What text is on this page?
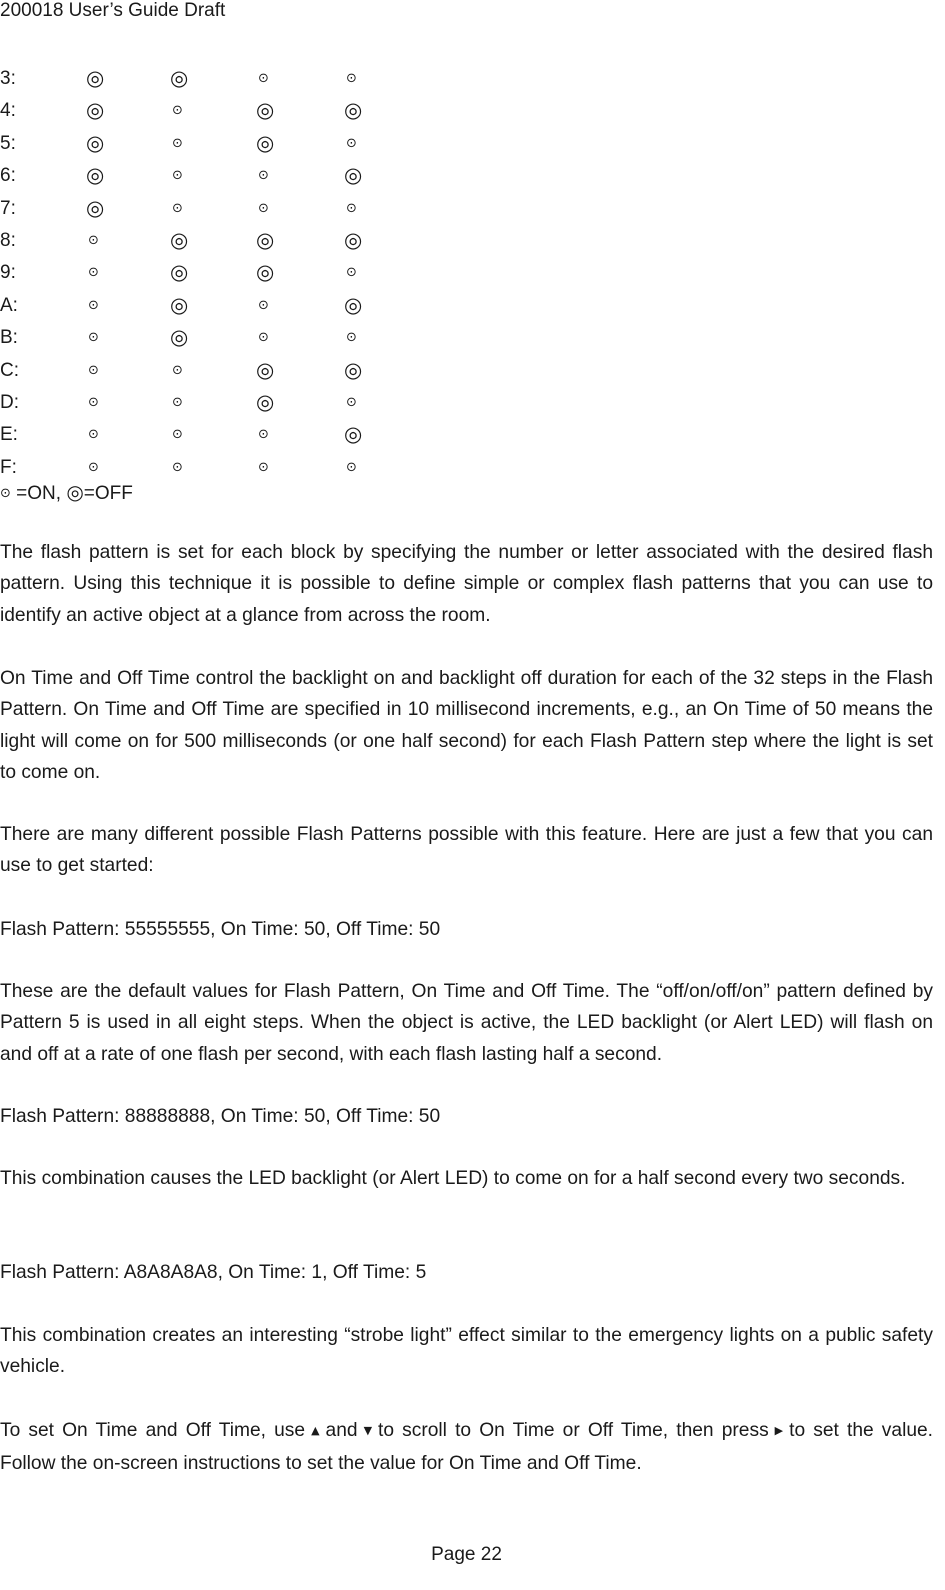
200018 User’s Guide Draft
3:	◎	◎	⊙	⊙
4:	◎	⊙	◎	◎
5:	◎	⊙	◎	⊙
6:	◎	⊙	⊙	◎
7:	◎	⊙	⊙	⊙
8:	⊙	◎	◎	◎
9:	⊙	◎	◎	⊙
A:	⊙	◎	⊙	◎
B:	⊙	◎	⊙	⊙
C:	⊙	⊙	◎	◎
D:	⊙	⊙	◎	⊙
E:	⊙	⊙	⊙	◎
F:	⊙	⊙	⊙	⊙
⊙ =ON, ◎=OFF

The flash pattern is set for each block by specifying the number or letter associated with the desired flash pattern. Using this technique it is possible to define simple or complex flash patterns that you can use to identify an active object at a glance from across the room.

On Time and Off Time control the backlight on and backlight off duration for each of the 32 steps in the Flash Pattern. On Time and Off Time are specified in 10 millisecond increments, e.g., an On Time of 50 means the light will come on for 500 milliseconds (or one half second) for each Flash Pattern step where the light is set to come on.

There are many different possible Flash Patterns possible with this feature. Here are just a few that you can use to get started:

Flash Pattern: 55555555, On Time: 50, Off Time: 50

These are the default values for Flash Pattern, On Time and Off Time. The “off/on/off/on” pattern defined by Pattern 5 is used in all eight steps. When the object is active, the LED backlight (or Alert LED) will flash on and off at a rate of one flash per second, with each flash lasting half a second.

Flash Pattern: 88888888, On Time: 50, Off Time: 50

This combination causes the LED backlight (or Alert LED) to come on for a half second every two seconds.

Flash Pattern: A8A8A8A8, On Time: 1, Off Time: 5

This combination creates an interesting “strobe light” effect similar to the emergency lights on a public safety vehicle.

To set On Time and Off Time, use ▲ and ▼ to scroll to On Time or Off Time, then press ▶ to set the value. Follow the on-screen instructions to set the value for On Time and Off Time.

Page 22
